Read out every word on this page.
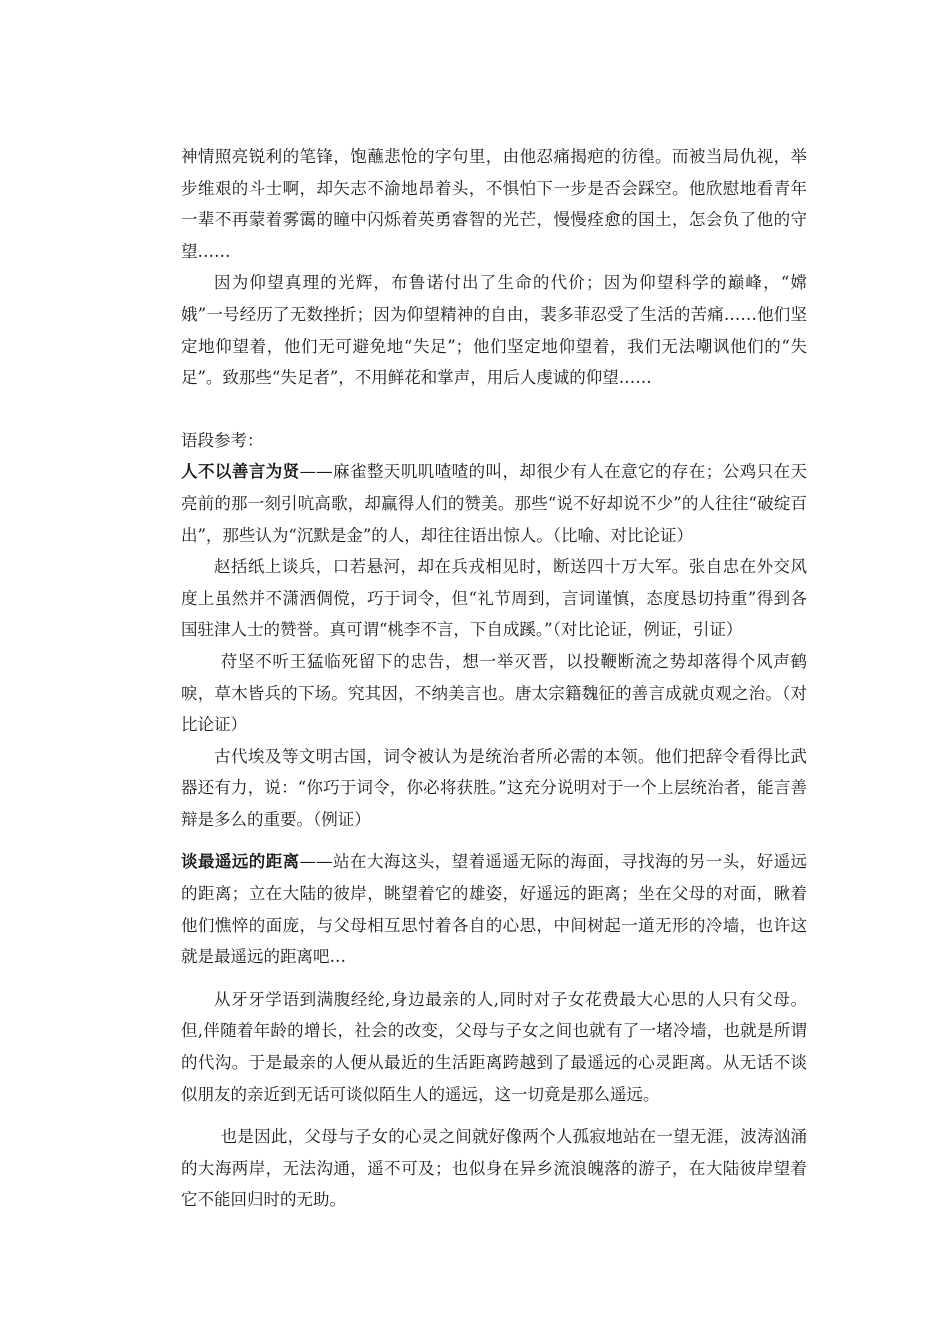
神情照亮锐利的笔锋，饱蘸悲怆的字句里，由他忍痛揭疤的彷徨。而被当局仇视，举步维艰的斗士啊，却矢志不渝地昂着头，不惧怕下一步是否会踩空。他欣慰地看青年一辈不再蒙着雾霭的瞳中闪烁着英勇睿智的光芒，慢慢痊愈的国土，怎会负了他的守望……

因为仰望真理的光辉，布鲁诺付出了生命的代价；因为仰望科学的巅峰，“嫦娥”一号经历了无数挫折；因为仰望精神的自由，裴多菲忍受了生活的苦痛……他们坚定地仰望着，他们无可避免地“失足”；他们坚定地仰望着，我们无法嘲讽他们的“失足”。致那些“失足者”，不用鲜花和掌声，用后人虔诚的仰望……

语段参考：

人不以善言为贤——麻雀整天叽叽喳喳的叫，却很少有人在意它的存在；公鸡只在天亮前的那一刻引吭高歌，却赢得人们的赞美。那些“说不好却说不少”的人往往“破绽百出”，那些认为“沉默是金”的人，却往往语出惊人。（比喻、对比论证）

赵括纸上谈兵，口若悬河，却在兵戎相见时，断送四十万大军。张自忠在外交风度上虽然并不潇洒倜傥，巧于词令，但“礼节周到，言词谨慎，态度恳切持重”得到各国驻津人士的赞誉。真可谓“桃李不言，下自成蹊。”（对比论证，例证，引证）

苻坚不听王猛临死留下的忠告，想一举灭晋，以投鞭断流之势却落得个风声鹤唳，草木皆兵的下场。究其因，不纳美言也。唐太宗籍魏征的善言成就贞观之治。（对比论证）

古代埃及等文明古国，词令被认为是统治者所必需的本领。他们把辞令看得比武器还有力，说：“你巧于词令，你必将获胜。”这充分说明对于一个上层统治者，能言善辩是多么的重要。（例证）

谈最遥远的距离——站在大海这头，望着遥遥无际的海面，寻找海的另一头，好遥远的距离；立在大陆的彼岸，眺望着它的雄姿，好遥远的距离；坐在父母的对面，瞅着他们憔悴的面庞，与父母相互思忖着各自的心思，中间树起一道无形的冷墙，也许这就是最遥远的距离吧…

从牙牙学语到满腹经纶,身边最亲的人,同时对子女花费最大心思的人只有父母。但,伴随着年龄的增长，社会的改变，父母与子女之间也就有了一堵冷墙，也就是所谓的代沟。于是最亲的人便从最近的生活距离跨越到了最遥远的心灵距离。从无话不谈似朋友的亲近到无话可谈似陌生人的遥远，这一切竟是那么遥远。

也是因此，父母与子女的心灵之间就好像两个人孤寂地站在一望无涯，波涛汹涌的大海两岸，无法沟通，遥不可及；也似身在异乡流浪魄落的游子，在大陆彼岸望着它不能回归时的无助。
